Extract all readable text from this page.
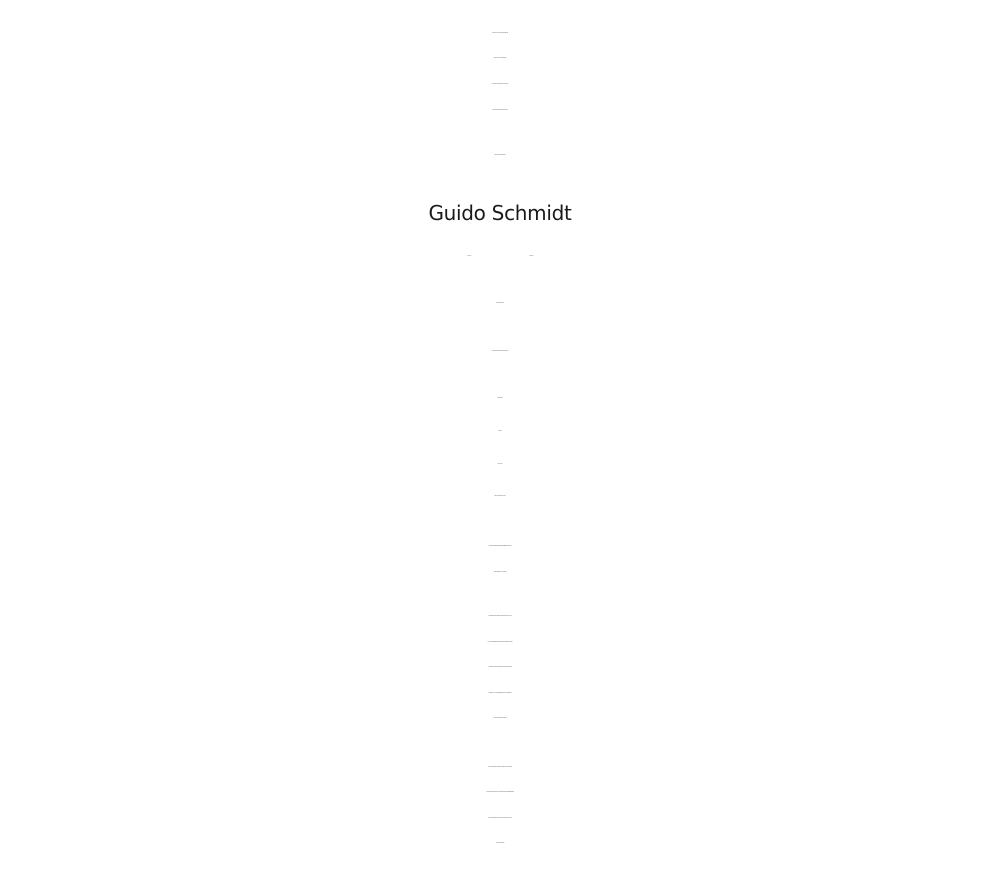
Danke für den Weg, den du mit uns gegangen bist.
Danke für die Hand, die uns so hilfreich war.
Danke für deine Nähe mit deinem Schalk im Nacken.
Danke für all deine Liebe. Danke, dass es dich gab.
Lieber Guido, wir vermissen dich sehr.
Guido Schmidt
* 14.04.1968	† 17.08.2023
Jeder Tod kommt zu früh.
Wer Guido gekannt hat, weiß was wir verloren haben.
Dieter und Edith
Maximilian
Ulrike und Frank
mit allen Angehörigen und Freunden
Kondolenzanschrift: Familie Dietrich Schmidt, c/o Bestattungshaus Camps,
Schaphauser Straße 56, 47929 Grefrath
Die Trauerfeier ist am Donnerstag, dem 7. September 2023 um 11.00 Uhr
in der Kapelle des Bestattungshauses Camps, Schaphauser Straße 56, Grefrath.
Anschließend findet die Urnenbeisetzung auf dem Süchtelner Waldfriedhof,
Bergstraße 91, 41749 Viersen statt. Wir treffen uns an der Friedhofskapelle.
(Auf Trauerkleidung bitten wir zu verzichten).
Spenden für die Deutsche Hirntumorhilfe e.V. Leipzig wären für uns wie Blumen
zum Abschied. Gespendet werden kann auf das Spendenkonto des Bestattungshauses
Camps, bei der Volksbank Krefeld eG. IBAN: DE05 3206 0362 1039 6940 30
Kennwort: Guido Schmidt
